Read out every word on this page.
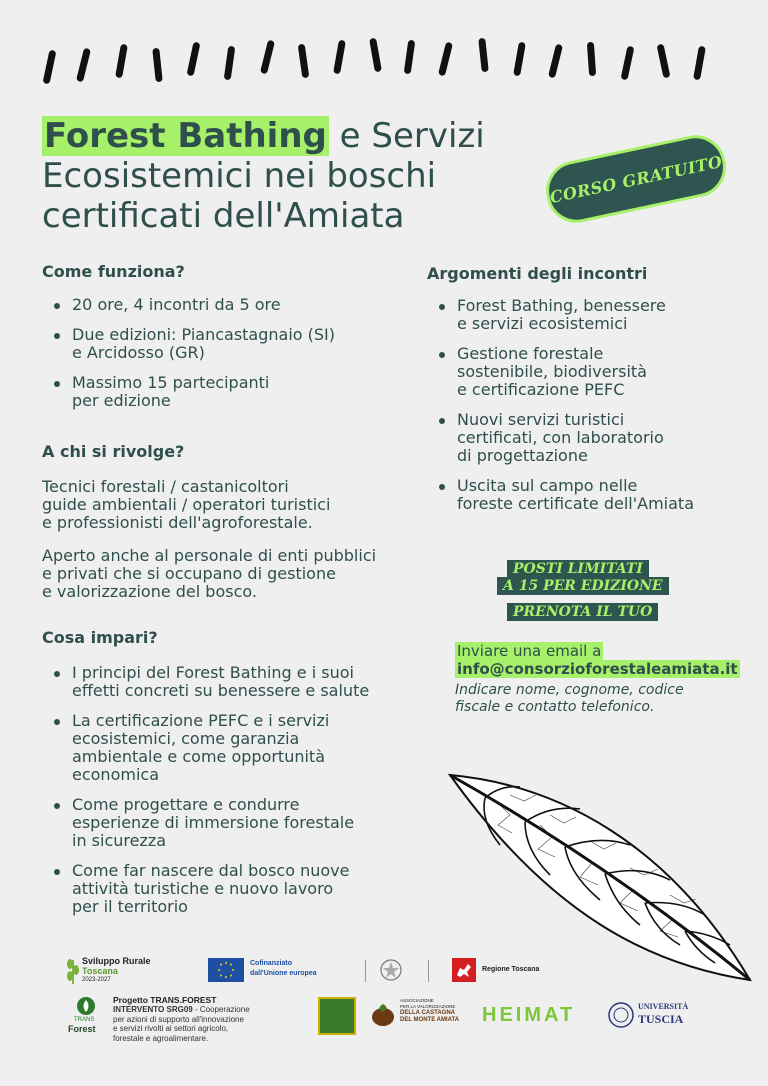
Forest Bathing e Servizi
Ecosistemici nei boschi
certificati dell'Amiata
CORSO GRATUITO
Come funziona?
20 ore, 4 incontri da 5 ore
Due edizioni: Piancastagnaio (SI)
e Arcidosso (GR)
Massimo 15 partecipanti
per edizione
A chi si rivolge?
Tecnici forestali / castanicoltori
guide ambientali / operatori turistici
e professionisti dell'agroforestale.
Aperto anche al personale di enti pubblici
e privati che si occupano di gestione
e valorizzazione del bosco.
Cosa impari?
I principi del Forest Bathing e i suoi
effetti concreti su benessere e salute
La certificazione PEFC e i servizi
ecosistemici, come garanzia
ambientale e come opportunità
economica
Come progettare e condurre
esperienze di immersione forestale
in sicurezza
Come far nascere dal bosco nuove
attività turistiche e nuovo lavoro
per il territorio
Argomenti degli incontri
Forest Bathing, benessere
e servizi ecosistemici
Gestione forestale
sostenibile, biodiversità
e certificazione PEFC
Nuovi servizi turistici
certificati, con laboratorio
di progettazione
Uscita sul campo nelle
foreste certificate dell'Amiata
POSTI LIMITATI
A 15 PER EDIZIONE
PRENOTA IL TUO
Inviare una email a
info@consorzioforestaleamiata.it
Indicare nome, cognome, codice
fiscale e contatto telefonico.
Sviluppo Rurale
Toscana
2023-2027
Cofinanziato
dall'Unione europea
Regione Toscana
TRANS
Forest
Progetto TRANS.FOREST
INTERVENTO SRG09 - Cooperazione
per azioni di supporto all'innovazione
e servizi rivolti ai settori agricolo,
forestale e agroalimentare.
ASSOCIAZIONE
PER LA VALORIZZAZIONE
DELLA CASTAGNA
DEL MONTE AMIATA HEIMAT	UNIVERSITÀ
TUSCIA
